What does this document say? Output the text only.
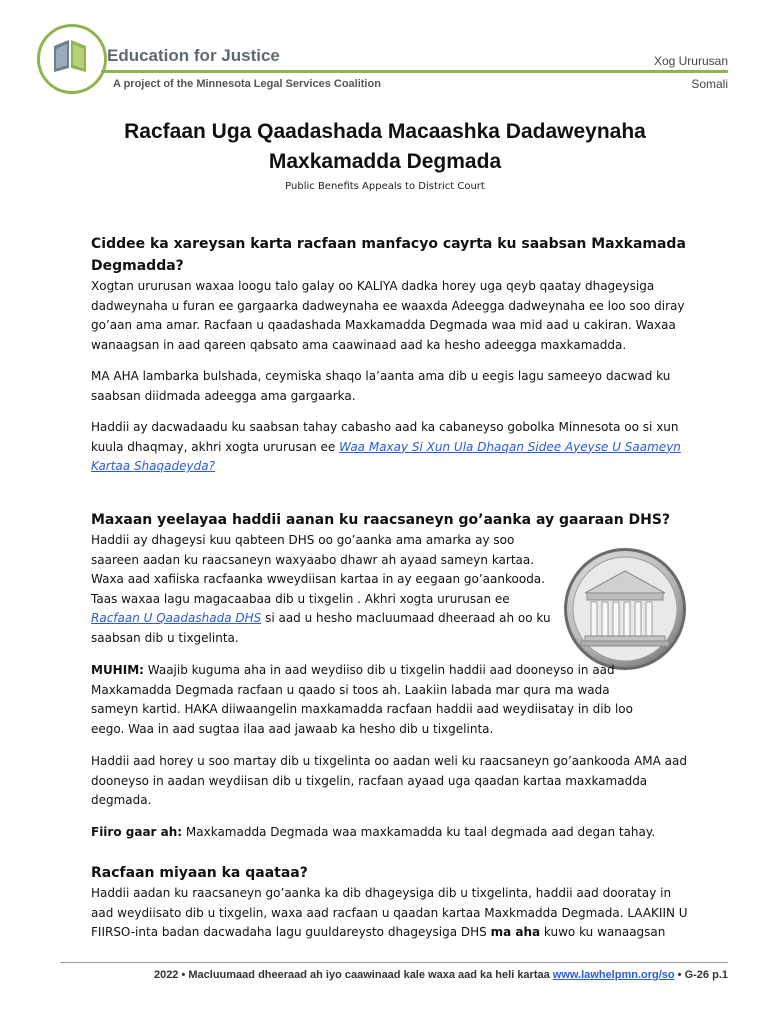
Education for Justice
A project of the Minnesota Legal Services Coalition
Xog Ururusan
Somali
Racfaan Uga Qaadashada Macaashka Dadaweynaha
Maxkamadda Degmada
Public Benefits Appeals to District Court
Ciddee ka xareysan karta racfaan manfacyo cayrta ku saabsan Maxkamada
Degmadda?
Xogtan ururusan waxaa loogu talo galay oo KALIYA dadka horey uga qeyb qaatay dhageysiga dadweynaha u furan ee gargaarka dadweynaha ee waaxda Adeegga dadweynaha ee loo soo diray go’aan ama amar. Racfaan u qaadashada Maxkamadda Degmada waa mid aad u cakiran. Waxaa wanaagsan in aad qareen qabsato ama caawinaad aad ka hesho adeegga maxkamadda.
MA AHA lambarka bulshada, ceymiska shaqo la’aanta ama dib u eegis lagu sameeyo dacwad ku saabsan diidmada adeegga ama gargaarka.
Haddii ay dacwadaadu ku saabsan tahay cabasho aad ka cabaneyso gobolka Minnesota oo si xun kuula dhaqmay, akhri xogta ururusan ee Waa Maxay Si Xun Ula Dhaqan Sidee Ayeyse U Saameyn Kartaa Shaqadeyda?
Maxaan yeelayaa haddii aanan ku raacsaneyn go’aanka ay gaaraan DHS?
Haddii ay dhageysi kuu qabteen DHS oo go’aanka ama amarka ay soo saareen aadan ku raacsaneyn waxyaabo dhawr ah ayaad sameyn kartaa. Waxa aad xafiiska racfaanka wweydiisan kartaa in ay eegaan go’aankooda. Taas waxaa lagu magacaabaa dib u tixgelin . Akhri xogta ururusan ee Racfaan U Qaadashada DHS si aad u hesho macluumaad dheeraad ah oo ku saabsan dib u tixgelinta.
MUHIM: Waajib kuguma aha in aad weydiiso dib u tixgelin haddii aad dooneyso in aad Maxkamadda Degmada racfaan u qaado si toos ah. Laakiin labada mar qura ma wada sameyn kartid. HAKA diiwaangelin maxkamadda racfaan haddii aad weydiisatay in dib loo eego. Waa in aad sugtaa ilaa aad jawaab ka hesho dib u tixgelinta.
Haddii aad horey u soo martay dib u tixgelinta oo aadan weli ku raacsaneyn go’aankooda AMA aad dooneyso in aadan weydiisan dib u tixgelin, racfaan ayaad uga qaadan kartaa maxkamadda degmada.
Fiiro gaar ah: Maxkamadda Degmada waa maxkamadda ku taal degmada aad degan tahay.
Racfaan miyaan ka qaataa?
Haddii aadan ku raacsaneyn go’aanka ka dib dhageysiga dib u tixgelinta, haddii aad dooratay in aad weydiisato dib u tixgelin, waxa aad racfaan u qaadan kartaa Maxkmadda Degmada. LAAKIIN U FIIRSO-inta badan dacwadaha lagu guuldareysto dhageysiga DHS ma aha kuwo ku wanaagsan
2022 • Macluumaad dheeraad ah iyo caawinaad kale waxa aad ka heli kartaa www.lawhelpmn.org/so • G-26 p.1
